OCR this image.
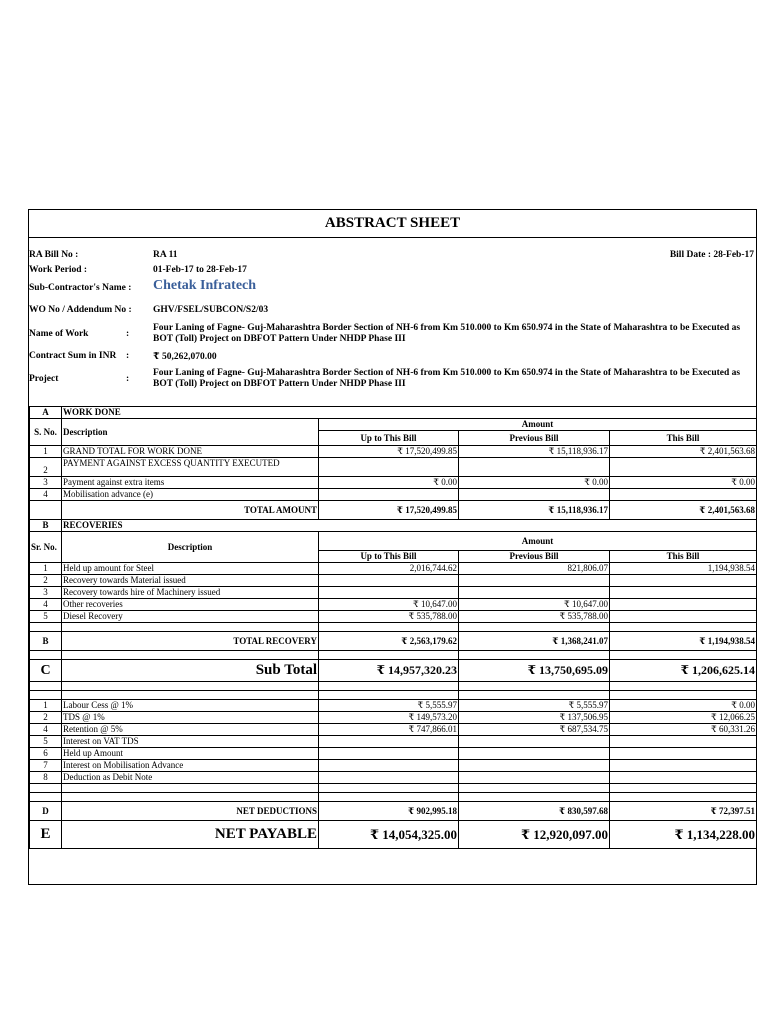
ABSTRACT SHEET
RA Bill No :	RA 11	Bill Date : 28-Feb-17
Work Period :	01-Feb-17 to 28-Feb-17
Sub-Contractor's Name : Chetak Infratech
WO No / Addendum No : GHV/FSEL/SUBCON/S2/03
Name of Work	:
Four Laning of Fagne- Guj-Maharashtra Border Section of NH-6 from Km 510.000 to Km 650.974 in the State of Maharashtra to be Executed as BOT (Toll) Project on DBFOT Pattern Under NHDP Phase III
Contract Sum in INR :	₹ 50,262,070.00
Project	:
Four Laning of Fagne- Guj-Maharashtra Border Section of NH-6 from Km 510.000 to Km 650.974 in the State of Maharashtra to be Executed as BOT (Toll) Project on DBFOT Pattern Under NHDP Phase III
A	WORK DONE			
S. No.	Description	Amount		
		Up to This Bill	Previous Bill	This Bill
1	GRAND TOTAL FOR WORK DONE	₹ 17,520,499.85	₹ 15,118,936.17	₹ 2,401,563.68
2	PAYMENT AGAINST EXCESS QUANTITY EXECUTED			
3	Payment against extra items	₹ 0.00	₹ 0.00	₹ 0.00
4	Mobilisation advance (e)			
	TOTAL AMOUNT	₹ 17,520,499.85	₹ 15,118,936.17	₹ 2,401,563.68
B	RECOVERIES			
Sr. No.	Description	Amount		
		Up to This Bill	Previous Bill	This Bill
1	Held up amount for Steel	2,016,744.62	821,806.07	1,194,938.54
2	Recovery towards Material issued			
3	Recovery towards hire of Machinery issued			
4	Other recoveries	₹ 10,647.00	₹ 10,647.00	
5	Diesel Recovery	₹ 535,788.00	₹ 535,788.00	

B	TOTAL RECOVERY	₹ 2,563,179.62	₹ 1,368,241.07	₹ 1,194,938.54

C	Sub Total	₹ 14,957,320.23	₹ 13,750,695.09	₹ 1,206,625.14

1	Labour Cess @ 1%	₹ 5,555.97	₹ 5,555.97	₹ 0.00
2	TDS @ 1%	₹ 149,573.20	₹ 137,506.95	₹ 12,066.25
4	Retention @ 5%	₹ 747,866.01	₹ 687,534.75	₹ 60,331.26
5	Interest on VAT TDS			
6	Held up Amount			
7	Interest on Mobilisation Advance			
8	Deduction as Debit Note			

D	NET DEDUCTIONS	₹ 902,995.18	₹ 830,597.68	₹ 72,397.51
E	NET PAYABLE	₹ 14,054,325.00	₹ 12,920,097.00	₹ 1,134,228.00
